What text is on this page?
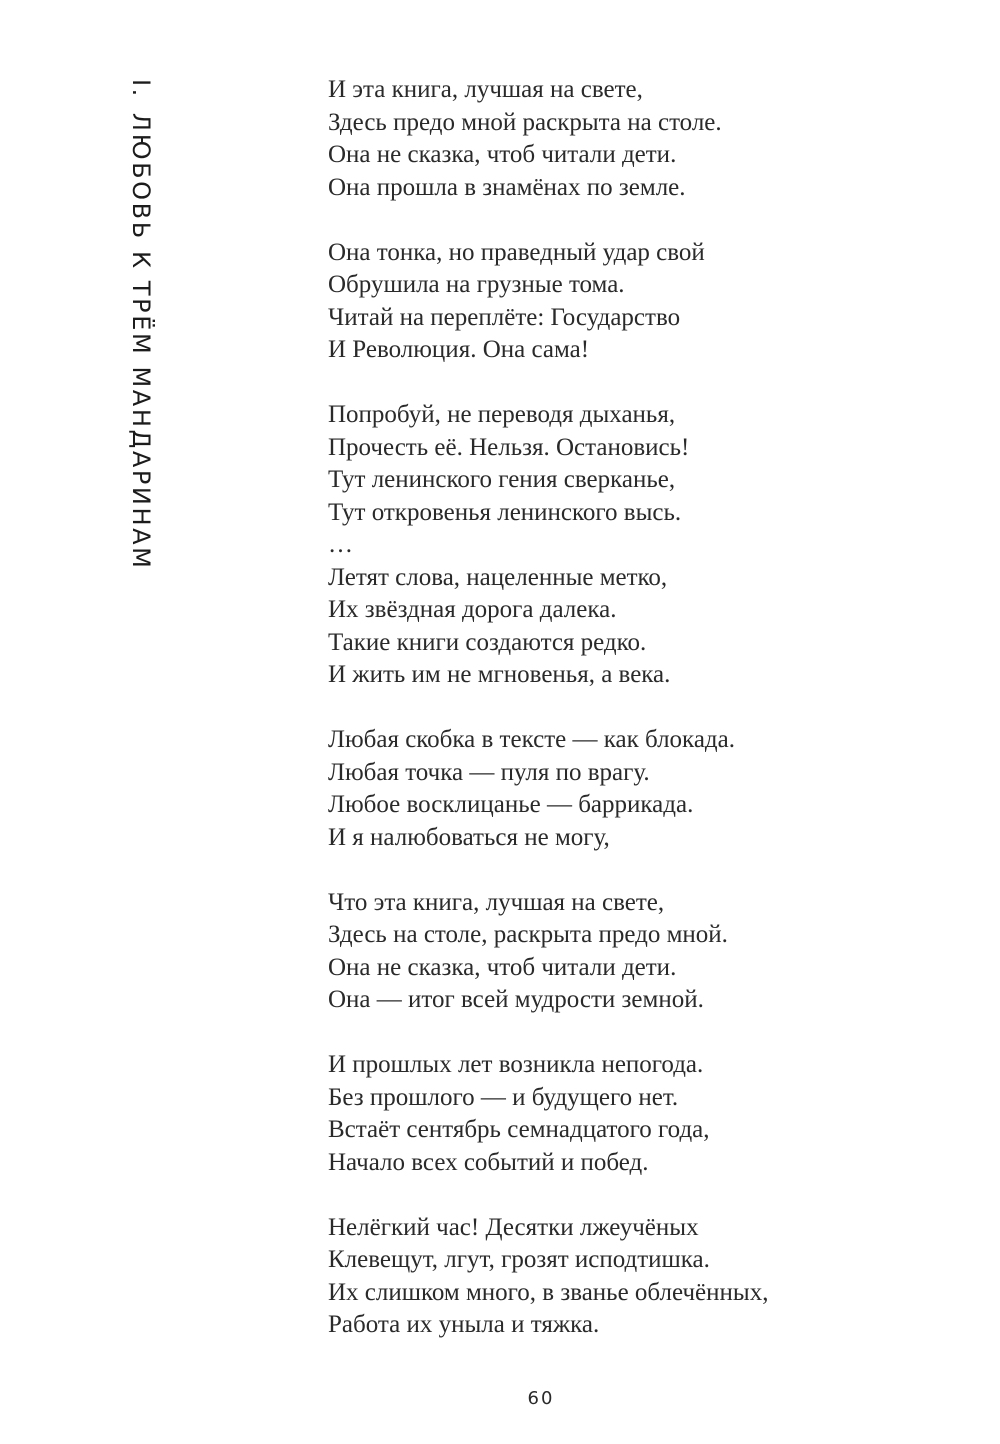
I.ЛЮБОВЬ К ТРЁМ МАНДАРИНАМ
И эта книга, лучшая на свете,
Здесь предо мной раскрыта на столе.
Она не сказка, чтоб читали дети.
Она прошла в знамёнах по земле.
Она тонка, но праведный удар свой
Обрушила на грузные тома.
Читай на переплёте: Государство
И Революция. Она сама!
Попробуй, не переводя дыханья,
Прочесть её. Нельзя. Остановись!
Тут ленинского гения сверканье,
Тут откровенья ленинского высь.
…
Летят слова, нацеленные метко,
Их звёздная дорога далека.
Такие книги создаются редко.
И жить им не мгновенья, а века.
Любая скобка в тексте — как блокада.
Любая точка — пуля по врагу.
Любое восклицанье — баррикада.
И я налюбоваться не могу,
Что эта книга, лучшая на свете,
Здесь на столе, раскрыта предо мной.
Она не сказка, чтоб читали дети.
Она — итог всей мудрости земной.
И прошлых лет возникла непогода.
Без прошлого — и будущего нет.
Встаёт сентябрь семнадцатого года,
Начало всех событий и побед.
Нелёгкий час! Десятки лжеучёных
Клевещут, лгут, грозят исподтишка.
Их слишком много, в званье облечённых,
Работа их уныла и тяжка.
60
